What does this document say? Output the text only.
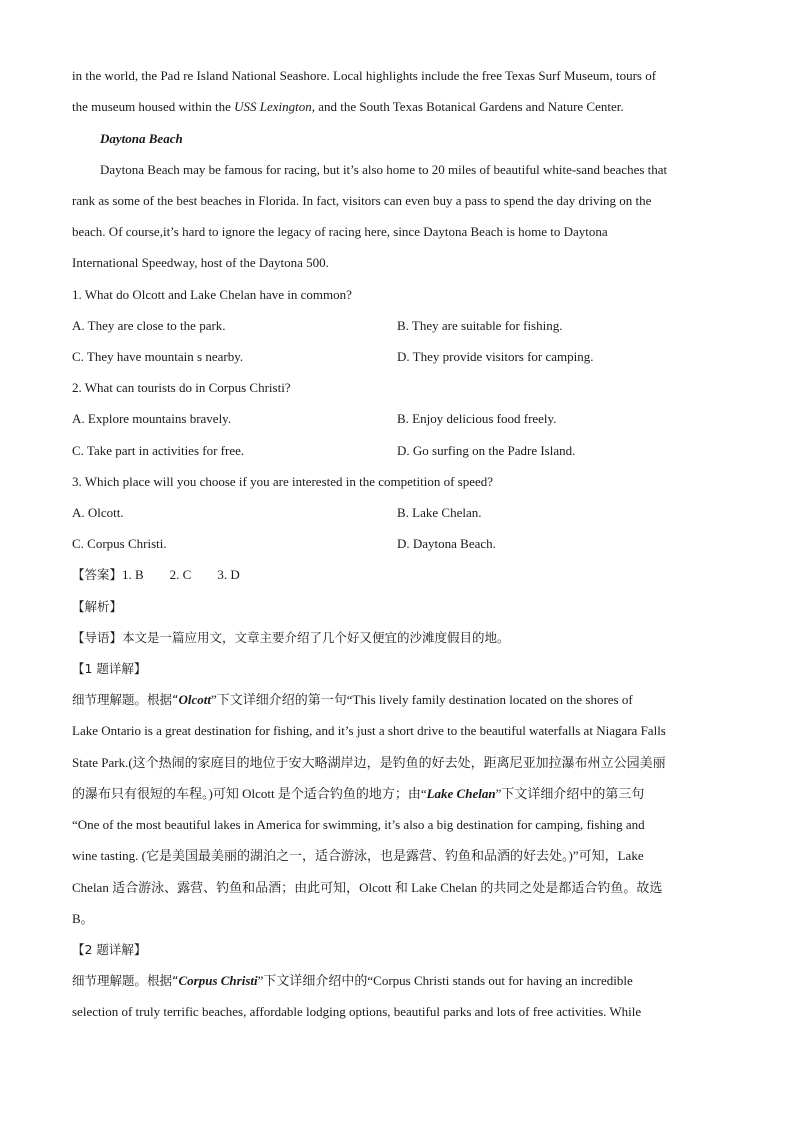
in the world, the Pad re Island National Seashore. Local highlights include the free Texas Surf Museum, tours of
the museum housed within the USS Lexington, and the South Texas Botanical Gardens and Nature Center.
Daytona Beach
Daytona Beach may be famous for racing, but it’s also home to 20 miles of beautiful white-sand beaches that
rank as some of the best beaches in Florida. In fact, visitors can even buy a pass to spend the day driving on the
beach. Of course,it’s hard to ignore the legacy of racing here, since Daytona Beach is home to Daytona
International Speedway, host of the Daytona 500.
1. What do Olcott and Lake Chelan have in common?
A. They are close to the park.	B. They are suitable for fishing.
C. They have mountain s nearby.	D. They provide visitors for camping.
2. What can tourists do in Corpus Christi?
A. Explore mountains bravely.	B. Enjoy delicious food freely.
C. Take part in activities for free.	D. Go surfing on the Padre Island.
3. Which place will you choose if you are interested in the competition of speed?
A. Olcott.	B. Lake Chelan.
C. Corpus Christi.	D. Daytona Beach.
【答案】1. B        2. C        3. D
【解析】
【导语】本文是一篇应用文，文章主要介绍了几个好又便宜的沙滩度假目的地。
【1 题详解】
细节理解题。根据“Olcott”下文详细介绍的第一句“This lively family destination located on the shores of
Lake Ontario is a great destination for fishing, and it’s just a short drive to the beautiful waterfalls at Niagara Falls
State Park.(这个热闹的家庭目的地位于安大略湖岸边，是钓鱼的好去处，距离尼亚加拉瀑布州立公园美丽
的瀑布只有很短的车程。)可知 Olcott 是个适合钓鱼的地方；由“Lake Chelan”下文详细介绍中的第三句
“One of the most beautiful lakes in America for swimming, it’s also a big destination for camping, fishing and
wine tasting. (它是美国最美丽的湖泊之一，适合游泳，也是露营、钓鱼和品酒的好去处。)”可知，Lake
Chelan 适合游泳、露营、钓鱼和品酒；由此可知，Olcott 和 Lake Chelan 的共同之处是都适合钓鱼。故选
B。
【2 题详解】
细节理解题。根据“Corpus Christi”下文详细介绍中的“Corpus Christi stands out for having an incredible
selection of truly terrific beaches, affordable lodging options, beautiful parks and lots of free activities. While
